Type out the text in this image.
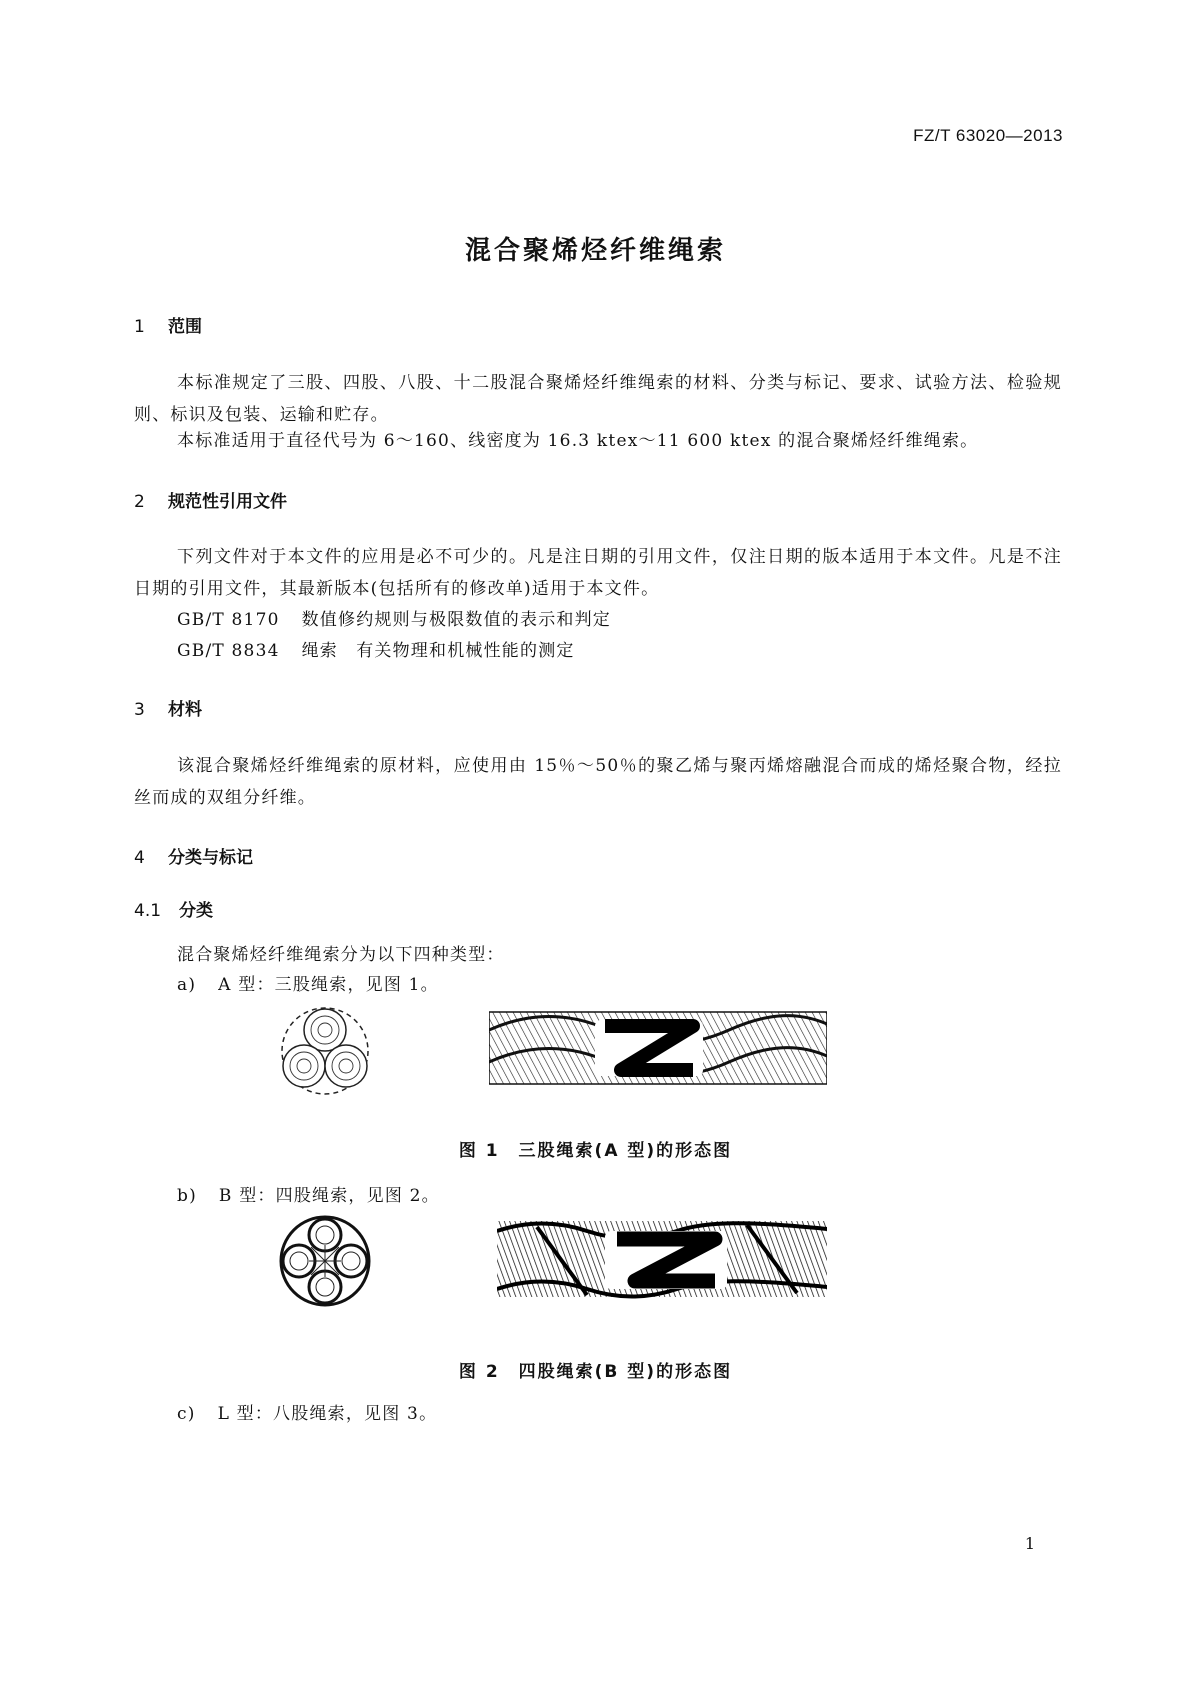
FZ/T 63020—2013
混合聚烯烃纤维绳索
1 范围
本标准规定了三股、四股、八股、十二股混合聚烯烃纤维绳索的材料、分类与标记、要求、试验方法、检验规则、标识及包装、运输和贮存。
本标准适用于直径代号为 6～160、线密度为 16.3 ktex～11 600 ktex 的混合聚烯烃纤维绳索。
2 规范性引用文件
下列文件对于本文件的应用是必不可少的。凡是注日期的引用文件，仅注日期的版本适用于本文件。凡是不注日期的引用文件，其最新版本(包括所有的修改单)适用于本文件。
GB/T 8170 数值修约规则与极限数值的表示和判定
GB/T 8834 绳索　有关物理和机械性能的测定
3 材料
该混合聚烯烃纤维绳索的原材料，应使用由 15％～50％的聚乙烯与聚丙烯熔融混合而成的烯烃聚合物，经拉丝而成的双组分纤维。
4 分类与标记
4.1 分类
混合聚烯烃纤维绳索分为以下四种类型：
a) A 型：三股绳索，见图 1。
图 1　三股绳索(A 型)的形态图
b) B 型：四股绳索，见图 2。
图 2　四股绳索(B 型)的形态图
c) L 型：八股绳索，见图 3。
1
